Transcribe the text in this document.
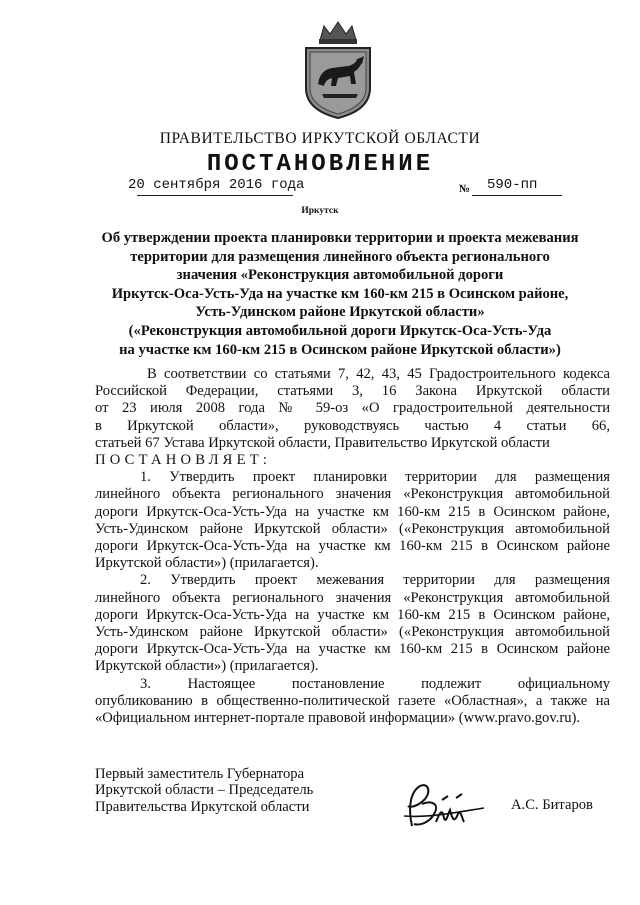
ПРАВИТЕЛЬСТВО ИРКУТСКОЙ ОБЛАСТИ
ПОСТАНОВЛЕНИЕ
20 сентября 2016 года	№ 590-пп
Иркутск
Об утверждении проекта планировки территории и проекта межевания
территории для размещения линейного объекта регионального
значения «Реконструкция автомобильной дороги
Иркутск-Оса-Усть-Уда на участке км 160-км 215 в Осинском районе,
Усть-Удинском районе Иркутской области»
(«Реконструкция автомобильной дороги Иркутск-Оса-Усть-Уда
на участке км 160-км 215 в Осинском районе Иркутской области»)
В соответствии со статьями 7, 42, 43, 45 Градостроительного кодекса
Российской Федерации, статьями 3, 16 Закона Иркутской области
от 23 июля 2008 года № 59-оз «О градостроительной деятельности
в Иркутской области», руководствуясь частью 4 статьи 66,
статьей 67 Устава Иркутской области, Правительство Иркутской области
ПОСТАНОВЛЯЕТ:
1. Утвердить проект планировки территории для размещения
линейного объекта регионального значения «Реконструкция автомобильной
дороги Иркутск-Оса-Усть-Уда на участке км 160-км 215 в Осинском районе,
Усть-Удинском районе Иркутской области» («Реконструкция автомобильной
дороги Иркутск-Оса-Усть-Уда на участке км 160-км 215 в Осинском районе
Иркутской области») (прилагается).
2. Утвердить проект межевания территории для размещения
линейного объекта регионального значения «Реконструкция автомобильной
дороги Иркутск-Оса-Усть-Уда на участке км 160-км 215 в Осинском районе,
Усть-Удинском районе Иркутской области» («Реконструкция автомобильной
дороги Иркутск-Оса-Усть-Уда на участке км 160-км 215 в Осинском районе
Иркутской области») (прилагается).
3.	Настоящее постановление подлежит официальному
опубликованию в общественно-политической газете «Областная», а также на
«Официальном интернет-портале правовой информации» (www.pravo.gov.ru).
Первый заместитель Губернатора
Иркутской области – Председатель
Правительства Иркутской области	А.С. Битаров
